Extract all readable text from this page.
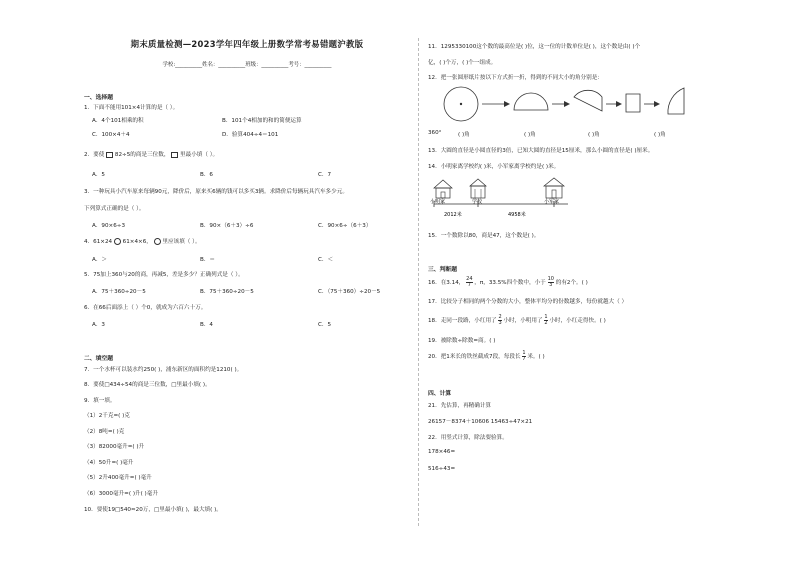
期末质量检测—2023学年四年级上册数学常考易错题沪教版
学校:__________姓名：__________班级：__________考号：__________
一、选择题
1．下面不能用101×4计算的是（ ）。
A．4个101相乘的积	B．101个4相加的和的简便运算
C．100×4＋4	D．验算404÷4＝101
2．要使 82÷5的商是三位数， 里最小填（ ）。
A．5	B．6	C．7
3．一种玩具小汽车原来每辆90元，降价后，原来买6辆的钱可以多买3辆。求降价后每辆玩具汽车多少元。
下列算式正确的是（ ）。
A．90×6÷3	B．90×（6＋3）÷6	C．90×6÷（6＋3）
4．61×24 61×4×6， 里应该填（ ）。
A．＞	B．＝	C．＜
5．75加上360与20的商，再减5，差是多少？正确列式是（ ）。
A．75＋360÷20－5	B．75＋360÷20－5	C．（75＋360）÷20－5
6．在66后面添上（ ）个0，就成为六百六十万。
A．3	B．4	C．5
二、填空题
7．一个水杯可以装水约250( )，浦东新区的面积约是1210( )。
8．要使□434÷54的商是三位数，□里最小填( )。
9．填一填。
（1）2千克=( )克
（2）8吨=( )克
（3）82000毫升=( )升
（4）50升=( )毫升
（5）2升400毫升=( )毫升
（6）3000毫升=( )升( )毫升
10．要使19□540≈20万，□里最小填( )，最大填( )。
11．1295330100这个数的最高位是( )位，这一位的计数单位是( )，这个数是由( )个
亿，( )个万，( )个一组成。
12．把一张圆形纸片按以下方式折一折，得到的不同大小的角分别是：
360°	( )角	( )角	( )角	( )角
13．大圆的直径是小圆直径的3倍，已知大圆的直径是15厘米，那么小圆的直径是( )厘米。
14．小明家离学校约( )米，小军家离学校约是( )米。
小明家	学校	小军家
2012米	4958米
15．一个数除以80，商是47，这个数是( )。
三、判断题
16．在3.14， $\frac{24}{7}$ ，π，33.5%四个数中，小于 $\frac{10}{3}$ 的有2个。( )
17．比较分子相同的两个分数的大小，整体平均分的份数越多，每份就越大（ ）
18．走同一段路，小红用了 $\frac{2}{3}$ 小时，小明用了 $\frac{1}{2}$ 小时，小红走得快。( )
19．被除数÷除数=商。( )
20．把1米长的铁丝截成7段，每段长 $\frac{1}{7}$ 米。( )
四、计算
21．先估算，再精确计算
26157－8374＋10606 15463÷47×21
22．用竖式计算，除法要验算。
178×46=
516÷43=
